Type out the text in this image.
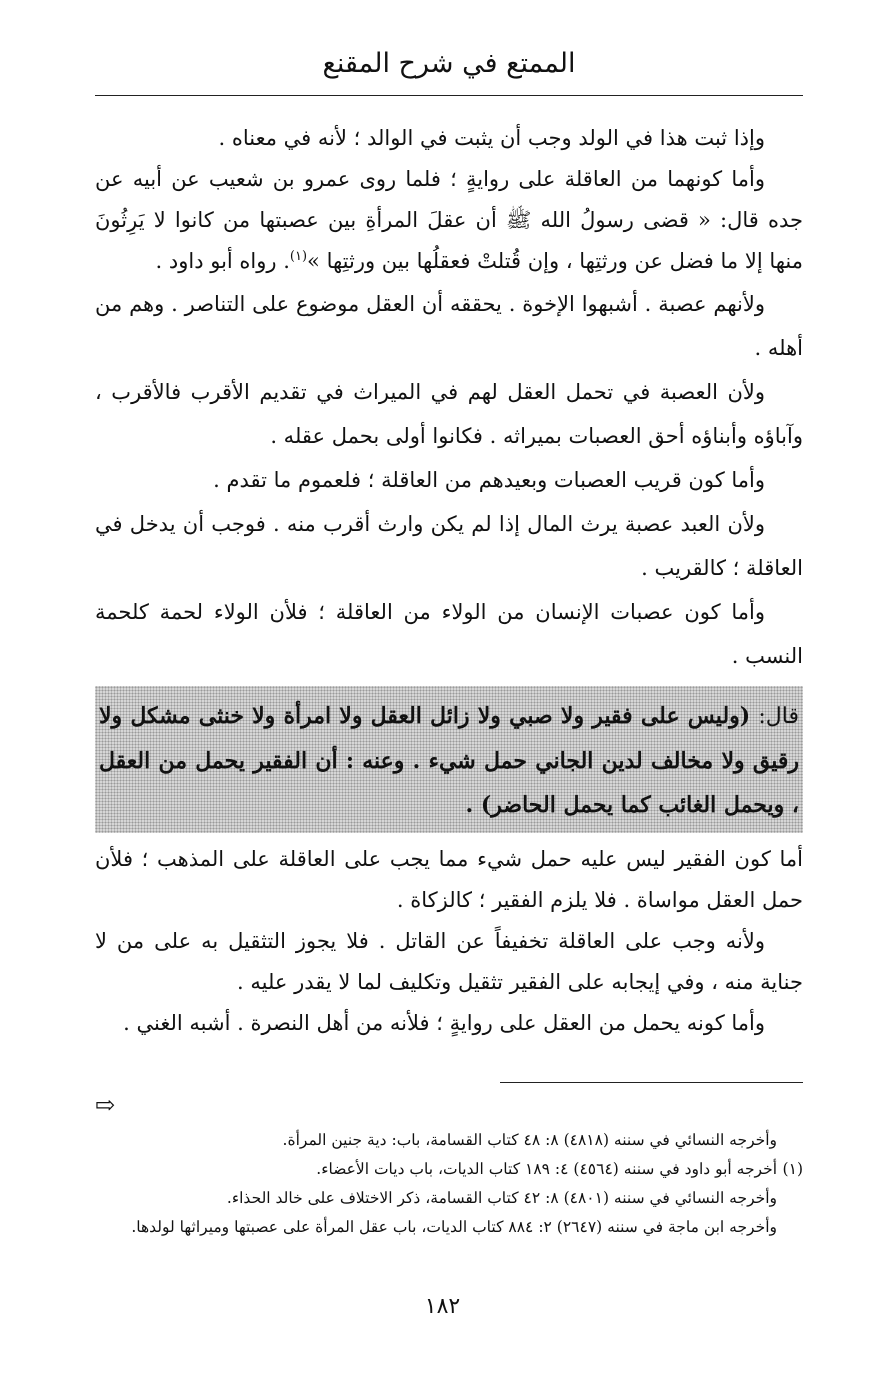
الممتع في شرح المقنع

وإذا ثبت هذا في الولد وجب أن يثبت في الوالد ؛ لأنه في معناه .

وأما كونهما من العاقلة على روايةٍ ؛ فلما روى عمرو بن شعيب عن أبيه عن جده قال: « قضى رسولُ الله ﷺ أن عقلَ المرأةِ بين عصبتها من كانوا لا يَرِثُونَ منها إلا ما فضل عن ورثتِها ، وإن قُتلتْ فعقلُها بين ورثتِها »$^{(١)}$. رواه أبو داود .

ولأنهم عصبة . أشبهوا الإخوة . يحققه أن العقل موضوع على التناصر . وهم من أهله .

ولأن العصبة في تحمل العقل لهم في الميراث في تقديم الأقرب فالأقرب ، وآباؤه وأبناؤه أحق العصبات بميراثه . فكانوا أولى بحمل عقله .

وأما كون قريب العصبات وبعيدهم من العاقلة ؛ فلعموم ما تقدم .

ولأن العبد عصبة يرث المال إذا لم يكن وارث أقرب منه . فوجب أن يدخل في العاقلة ؛ كالقريب .

وأما كون عصبات الإنسان من الولاء من العاقلة ؛ فلأن الولاء لحمة كلحمة النسب .

قال: (وليس على فقير ولا صبي ولا زائل العقل ولا امرأة ولا خنثى مشكل ولا رقيق ولا مخالف لدين الجاني حمل شيء . وعنه : أن الفقير يحمل من العقل ، ويحمل الغائب كما يحمل الحاضر) .

أما كون الفقير ليس عليه حمل شيء مما يجب على العاقلة على المذهب ؛ فلأن حمل العقل مواساة . فلا يلزم الفقير ؛ كالزكاة .

ولأنه وجب على العاقلة تخفيفاً عن القاتل . فلا يجوز التثقيل به على من لا جناية منه ، وفي إيجابه على الفقير تثقيل وتكليف لما لا يقدر عليه .

وأما كونه يحمل من العقل على روايةٍ ؛ فلأنه من أهل النصرة . أشبه الغني .

⇨

وأخرجه النسائي في سننه (٤٨١٨) ٨: ٤٨ كتاب القسامة، باب: دية جنين المرأة.

(١)أخرجه أبو داود في سننه (٤٥٦٤) ٤: ١٨٩ كتاب الديات، باب ديات الأعضاء.

وأخرجه النسائي في سننه (٤٨٠١) ٨: ٤٢ كتاب القسامة، ذكر الاختلاف على خالد الحذاء.

وأخرجه ابن ماجة في سننه (٢٦٤٧) ٢: ٨٨٤ كتاب الديات، باب عقل المرأة على عصبتها وميراثها لولدها.

١٨٢
